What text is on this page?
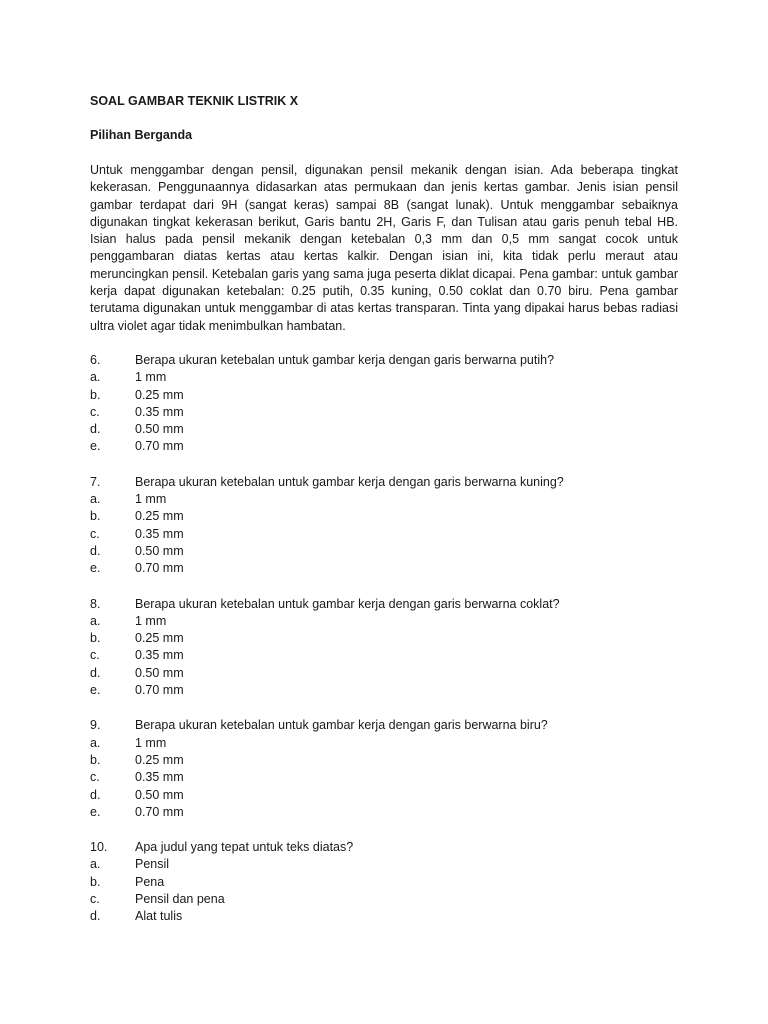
SOAL GAMBAR TEKNIK LISTRIK X

Pilihan Berganda

Untuk menggambar dengan pensil, digunakan pensil mekanik dengan isian. Ada beberapa tingkat kekerasan. Penggunaannya didasarkan atas permukaan dan jenis kertas gambar. Jenis isian pensil gambar terdapat dari 9H (sangat keras) sampai 8B (sangat lunak). Untuk menggambar sebaiknya digunakan tingkat kekerasan berikut, Garis bantu 2H, Garis F, dan Tulisan atau garis penuh tebal HB. Isian halus pada pensil mekanik dengan ketebalan 0,3 mm dan 0,5 mm sangat cocok untuk penggambaran diatas kertas atau kertas kalkir. Dengan isian ini, kita tidak perlu meraut atau meruncingkan pensil. Ketebalan garis yang sama juga peserta diklat dicapai. Pena gambar: untuk gambar kerja dapat digunakan ketebalan: 0.25 putih, 0.35 kuning, 0.50 coklat dan 0.70 biru. Pena gambar terutama digunakan untuk menggambar di atas kertas transparan. Tinta yang dipakai harus bebas radiasi ultra violet agar tidak menimbulkan hambatan.

6.	Berapa ukuran ketebalan untuk gambar kerja dengan garis berwarna putih?
a.	1 mm
b.	0.25 mm
c.	0.35 mm
d.	0.50 mm
e.	0.70 mm
7.	Berapa ukuran ketebalan untuk gambar kerja dengan garis berwarna kuning?
a.	1 mm
b.	0.25 mm
c.	0.35 mm
d.	0.50 mm
e.	0.70 mm
8.	Berapa ukuran ketebalan untuk gambar kerja dengan garis berwarna coklat?
a.	1 mm
b.	0.25 mm
c.	0.35 mm
d.	0.50 mm
e.	0.70 mm
9.	Berapa ukuran ketebalan untuk gambar kerja dengan garis berwarna biru?
a.	1 mm
b.	0.25 mm
c.	0.35 mm
d.	0.50 mm
e.	0.70 mm
10.	Apa judul yang tepat untuk teks diatas?
a.	Pensil
b.	Pena
c.	Pensil dan pena
d.	Alat tulis
